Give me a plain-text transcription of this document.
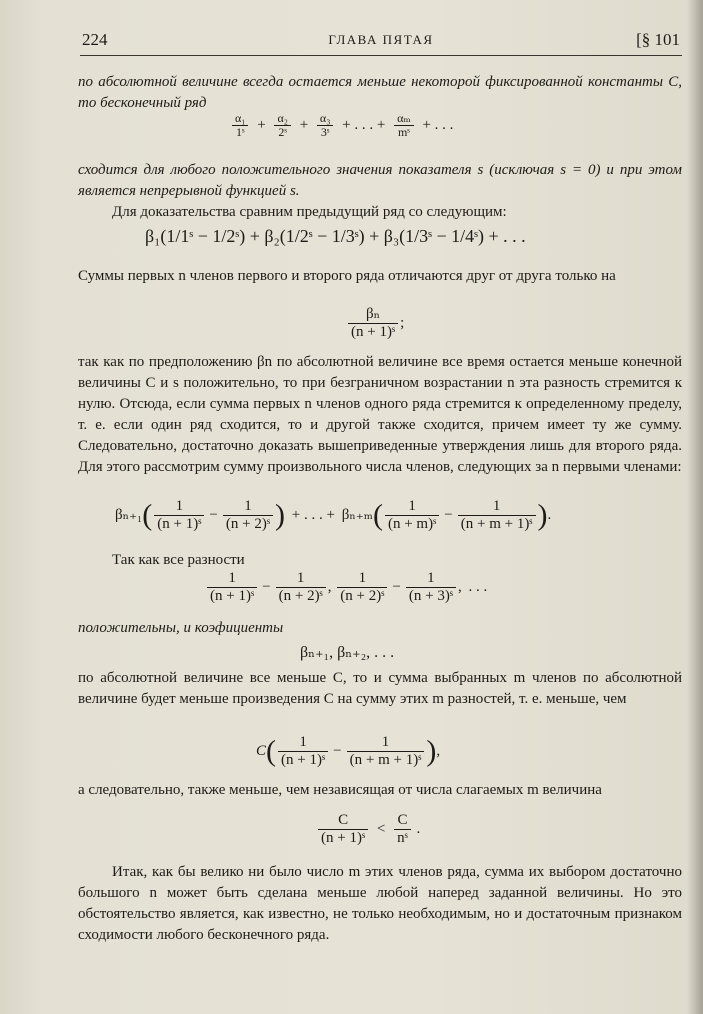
224	ГЛАВА ПЯТАЯ	[§ 101
по абсолютной величине всегда остается меньше некоторой фиксированной константы C, то бесконечный ряд
$\frac{\text{α₁}}{\text{1ˢ}} + \frac{\text{α₂}}{\text{2ˢ}} + \frac{\text{α₃}}{\text{3ˢ}}$ + . . . + $\frac{\text{αₘ}}{\text{mˢ}}$ + . . .
сходится для любого положительного значения показателя s (исключая s = 0) и при этом является непрерывной функцией s.
Для доказательства сравним предыдущий ряд со следующим:
β₁(1/1ˢ − 1/2ˢ) + β₂(1/2ˢ − 1/3ˢ) + β₃(1/3ˢ − 1/4ˢ) + . . .
Суммы первых n членов первого и второго ряда отличаются друг от друга только на
$\frac{\text{βₙ}}{\text{(n + 1)ˢ}}$ ;
так как по предположению βn по абсолютной величине все время остается меньше конечной величины C и s положительно, то при безграничном возрастании n эта разность стремится к нулю. Отсюда, если сумма первых n членов одного ряда стремится к определенному пределу, т. е. если один ряд сходится, то и другой также сходится, причем имеет ту же сумму. Следовательно, достаточно доказать вышеприведенные утверждения лишь для второго ряда. Для этого рассмотрим сумму произвольного числа членов, следующих за n первыми членами:
$\beta_{n+1}( \frac{1}{\text{(n + 1)ˢ}} - \frac{1}{\text{(n + 2)ˢ}}$ ) + . . . + $\beta_{n+m}( \frac{1}{\text{(n + m)ˢ}} - \frac{1}{\text{(n + m + 1)ˢ}}$ ).
Так как все разности
$\frac{1}{\text{(n + 1)ˢ}} - \frac{1}{\text{(n + 2)ˢ}}$ , $\frac{1}{\text{(n + 2)ˢ}} - \frac{1}{\text{(n + 3)ˢ}}$ , . . .
положительны, и коэфициенты
βₙ₊₁, βₙ₊₂, . . .
по абсолютной величине все меньше C, то и сумма выбранных m членов по абсолютной величине будет меньше произведения C на сумму этих m разностей, т. е. меньше, чем
$C( \frac{1}{\text{(n + 1)ˢ}} - \frac{1}{\text{(n + m + 1)ˢ}}$ ),
а следовательно, также меньше, чем независящая от числа слагаемых m величина
$\frac{C}{\text{(n + 1)ˢ}} < \frac{C}{\text{nˢ}}$ .
Итак, как бы велико ни было число m этих членов ряда, сумма их выбором достаточно большого n может быть сделана меньше любой наперед заданной величины. Но это обстоятельство является, как известно, не только необходимым, но и достаточным признаком сходимости любого бесконечного ряда.
